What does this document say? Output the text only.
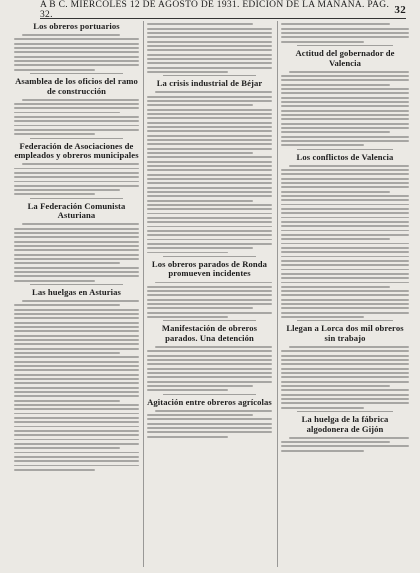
A B C. MIÉRCOLES 12 DE AGOSTO DE 1931. EDICIÓN DE LA MAÑANA. PAG. 32.	32
Los obreros portuarios
Asamblea de los oficios del ramo de construcción
Federación de Asociaciones de empleados y obreros municipales
La Federación Comunista Asturiana
Las huelgas en Asturias
La crisis industrial de Béjar
Los obreros parados de Ronda promueven incidentes
Manifestación de obreros parados. Una detención
Agitación entre obreros agrícolas
Actitud del gobernador de Valencia
Los conflictos de Valencia
Llegan a Lorca dos mil obreros sin trabajo
La huelga de la fábrica algodonera de Gijón
